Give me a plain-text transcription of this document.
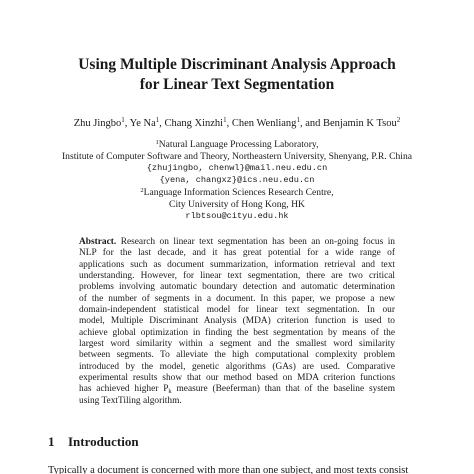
Using Multiple Discriminant Analysis Approach
for Linear Text Segmentation
Zhu Jingbo$^1$, Ye Na$^1$, Chang Xinzhi$^1$, Chen Wenliang$^1$, and Benjamin K Tsou$^2$
$^1$Natural Language Processing Laboratory,
Institute of Computer Software and Theory, Northeastern University, Shenyang, P.R. China
{zhujingbo, chenwl}@mail.neu.edu.cn
{yena, changxz}@ics.neu.edu.cn
$^2$Language Information Sciences Research Centre,
City University of Hong Kong, HK
rlbtsou@cityu.edu.hk
Abstract. Research on linear text segmentation has been an on-going focus in
NLP for the last decade, and it has great potential for a wide range of
applications such as document summarization, information retrieval and text
understanding. However, for linear text segmentation, there are two critical
problems involving automatic boundary detection and automatic determination
of the number of segments in a document. In this paper, we propose a new
domain-independent statistical model for linear text segmentation. In our
model, Multiple Discriminant Analysis (MDA) criterion function is used to
achieve global optimization in finding the best segmentation by means of the
largest word similarity within a segment and the smallest word similarity
between segments. To alleviate the high computational complexity problem
introduced by the model, genetic algorithms (GAs) are used. Comparative
experimental results show that our method based on MDA criterion functions
has achieved higher $P_k$ measure (Beeferman) than that of the baseline system
using TextTiling algorithm.
1 Introduction
Typically a document is concerned with more than one subject, and most texts consist
